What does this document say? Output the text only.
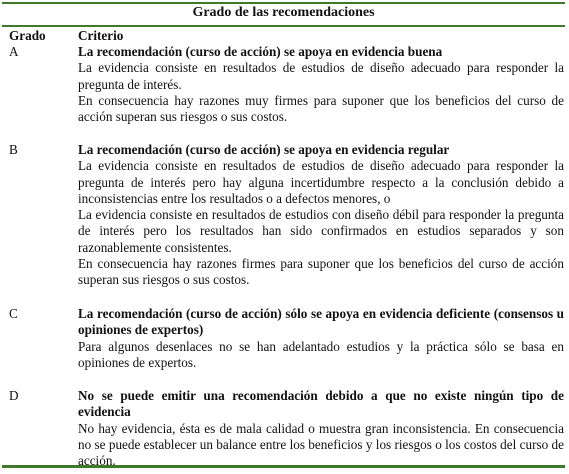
Grado de las recomendaciones
Grado Criterio
A	La recomendación (curso de acción) se apoya en evidencia buena

La evidencia consiste en resultados de estudios de diseño adecuado para responder la pregunta de interés.

En consecuencia hay razones muy firmes para suponer que los beneficios del curso de acción superan sus riesgos o sus costos.

B	La recomendación (curso de acción) se apoya en evidencia regular

La evidencia consiste en resultados de estudios de diseño adecuado para responder la pregunta de interés pero hay alguna incertidumbre respecto a la conclusión debido a inconsistencias entre los resultados o a defectos menores, o

La evidencia consiste en resultados de estudios con diseño débil para responder la pregunta de interés pero los resultados han sido confirmados en estudios separados y son razonablemente consistentes.

En consecuencia hay razones firmes para suponer que los beneficios del curso de acción superan sus riesgos o sus costos.

C	La recomendación (curso de acción) sólo se apoya en evidencia deficiente (consensos u opiniones de expertos)

Para algunos desenlaces no se han adelantado estudios y la práctica sólo se basa en opiniones de expertos.

D	No se puede emitir una recomendación debido a que no existe ningún tipo de evidencia

No hay evidencia, ésta es de mala calidad o muestra gran inconsistencia. En consecuencia no se puede establecer un balance entre los beneficios y los riesgos o los costos del curso de acción.
